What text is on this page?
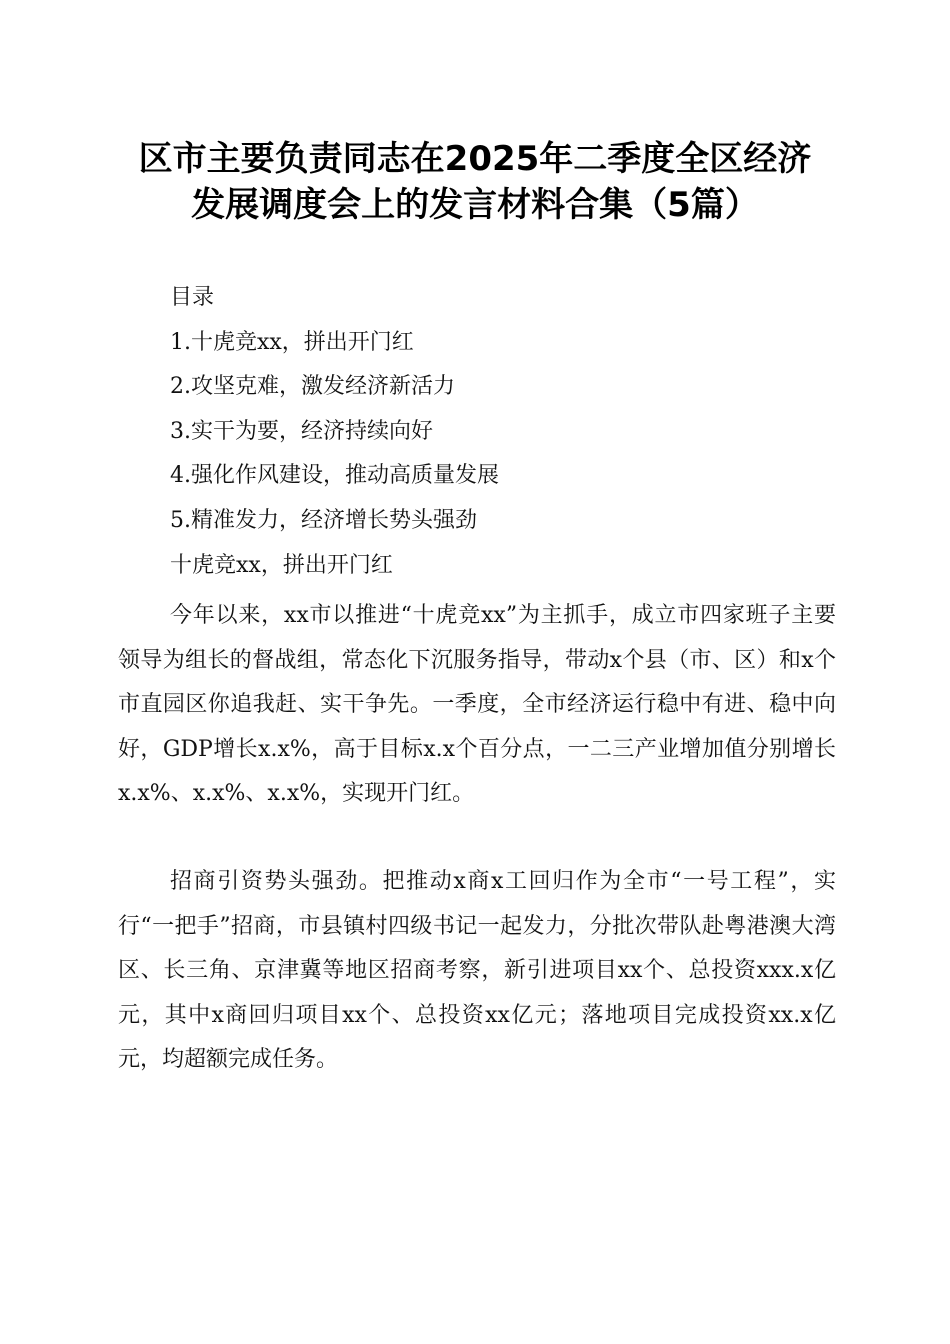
区市主要负责同志在2025年二季度全区经济
发展调度会上的发言材料合集（5篇）
目录
1.十虎竞xx，拼出开门红
2.攻坚克难，激发经济新活力
3.实干为要，经济持续向好
4.强化作风建设，推动高质量发展
5.精准发力，经济增长势头强劲
十虎竞xx，拼出开门红

今年以来，xx市以推进“十虎竞xx”为主抓手，成立市四家班子主要领导为组长的督战组，常态化下沉服务指导，带动x个县（市、区）和x个市直园区你追我赶、实干争先。一季度，全市经济运行稳中有进、稳中向好，GDP增长x.x%，高于目标x.x个百分点，一二三产业增加值分别增长x.x%、x.x%、x.x%，实现开门红。

招商引资势头强劲。把推动x商x工回归作为全市“一号工程”，实行“一把手”招商，市县镇村四级书记一起发力，分批次带队赴粤港澳大湾区、长三角、京津冀等地区招商考察，新引进项目xx个、总投资xxx.x亿元，其中x商回归项目xx个、总投资xx亿元；落地项目完成投资xx.x亿元，均超额完成任务。
